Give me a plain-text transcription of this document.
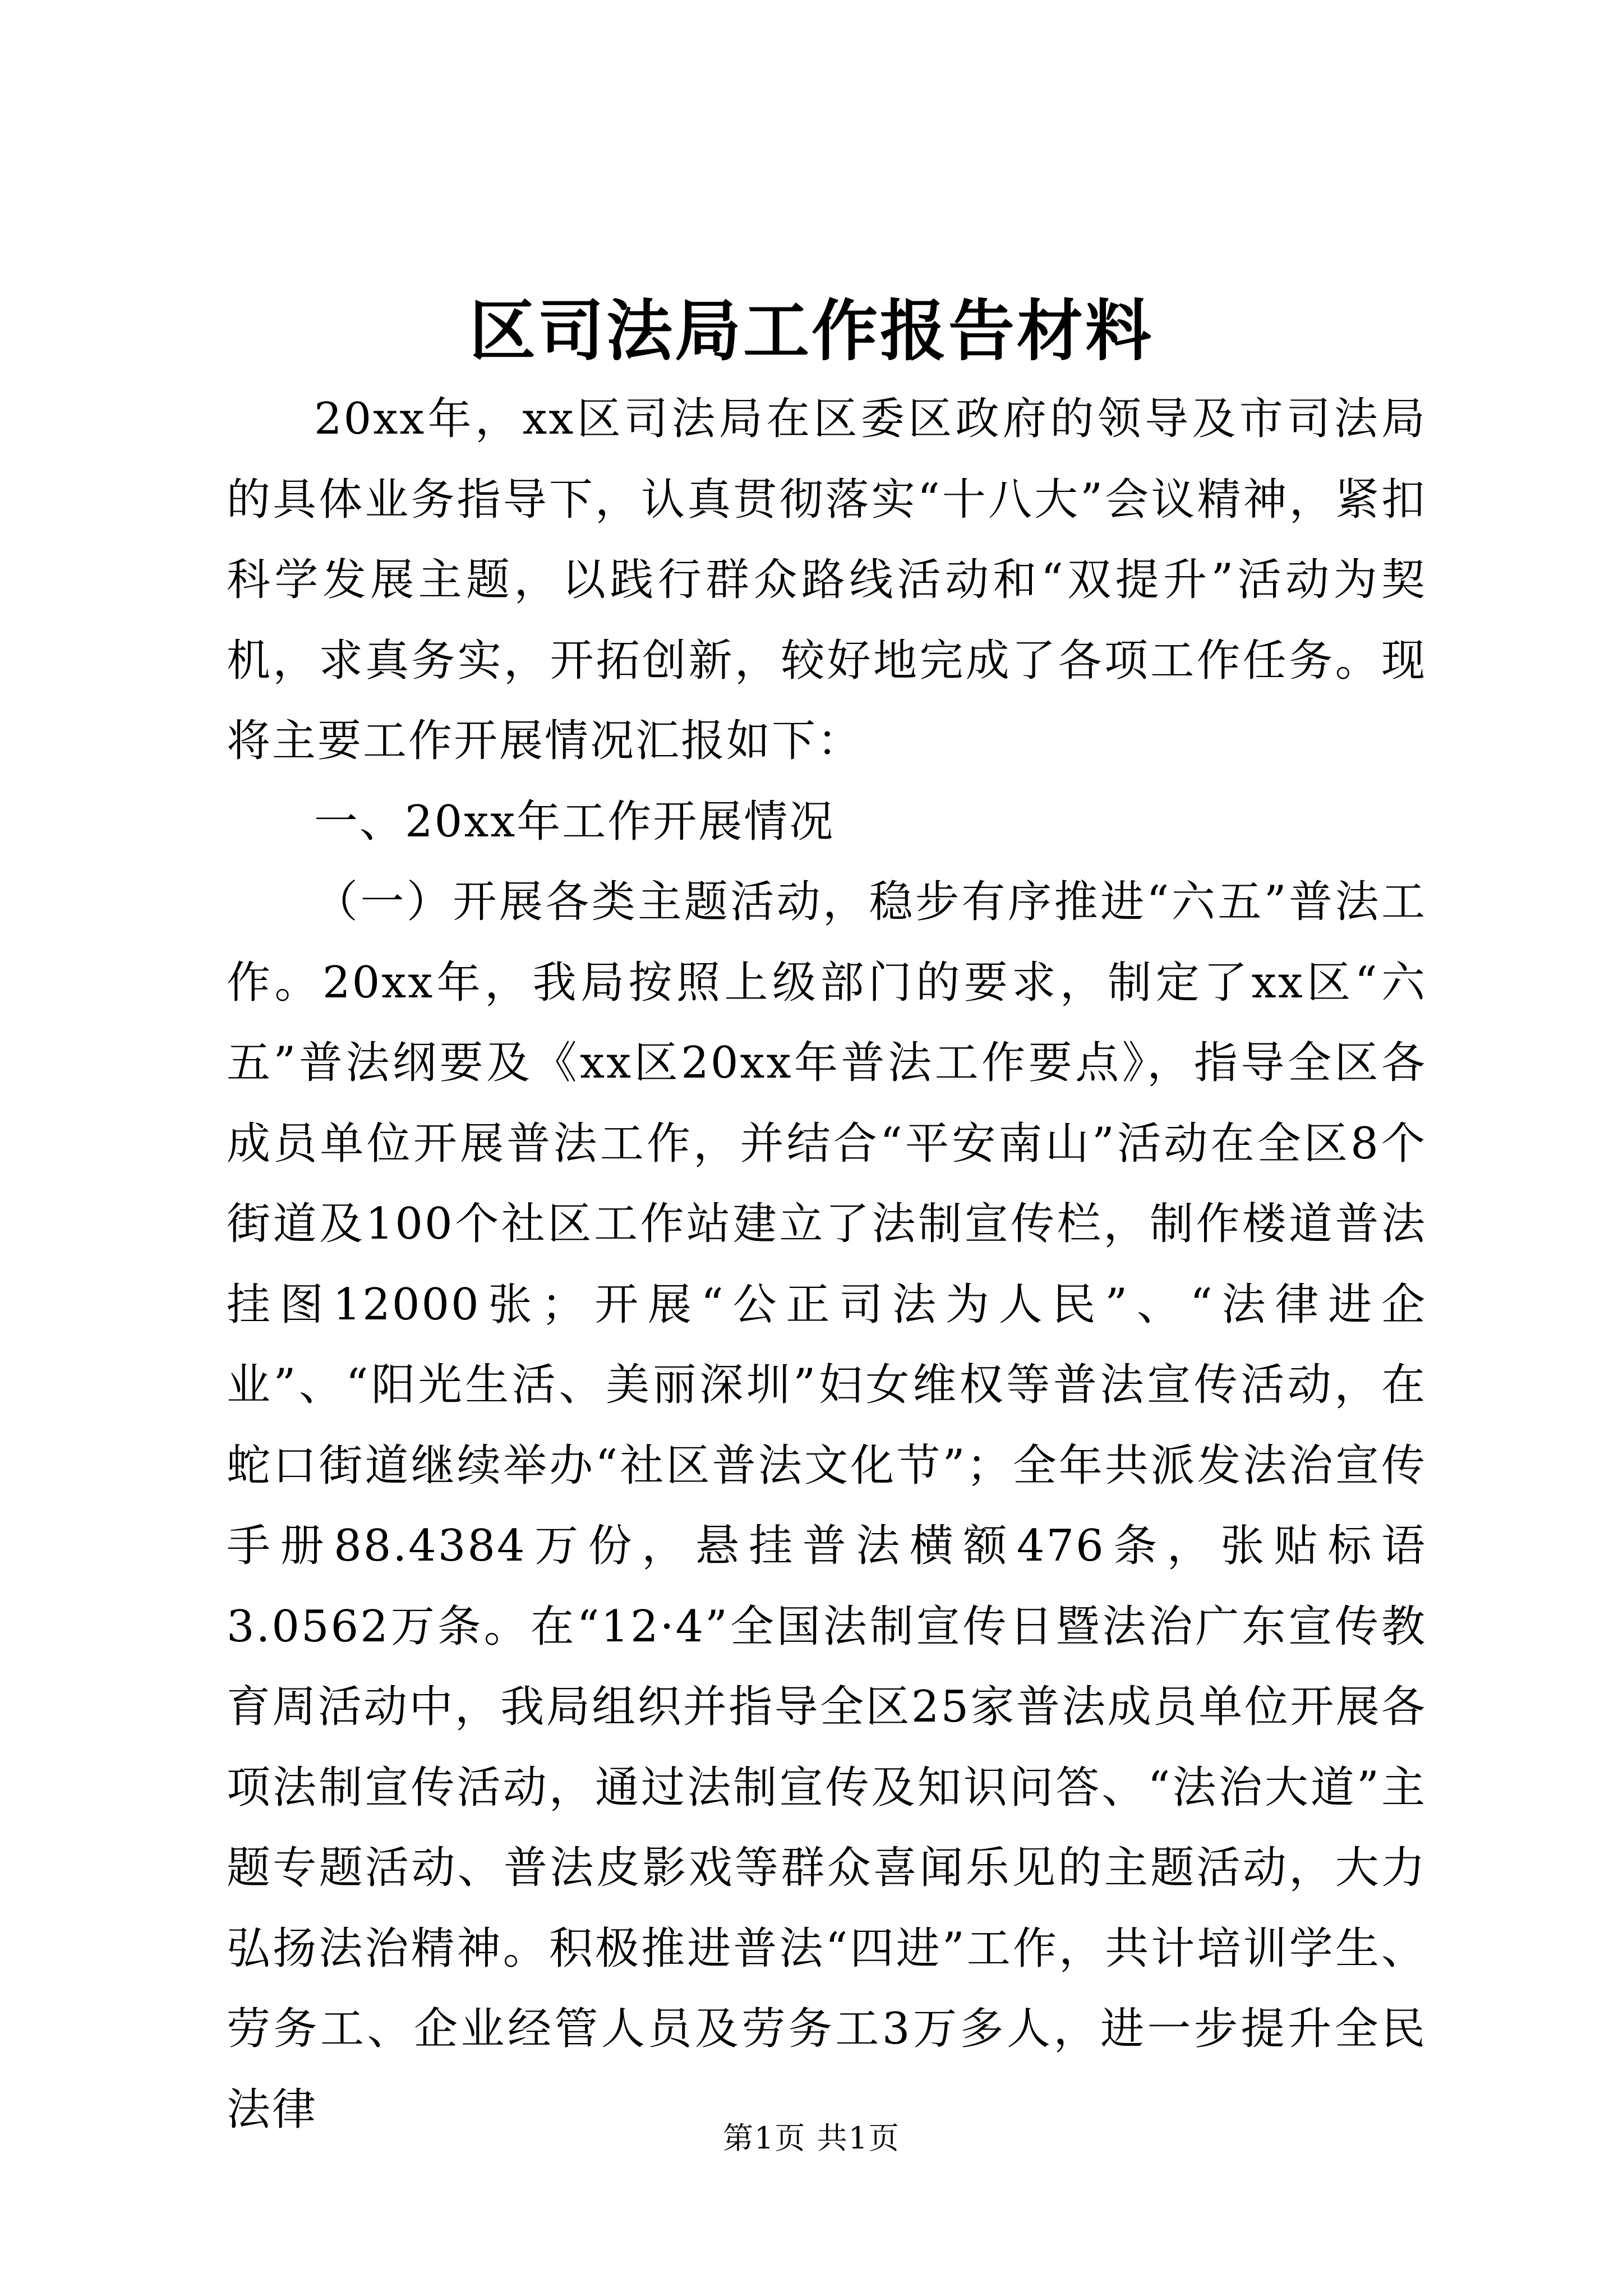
区司法局工作报告材料

20xx年，xx区司法局在区委区政府的领导及市司法局的具体业务指导下，认真贯彻落实“十八大”会议精神，紧扣科学发展主题，以践行群众路线活动和“双提升”活动为契机，求真务实，开拓创新，较好地完成了各项工作任务。现将主要工作开展情况汇报如下：

一、20xx年工作开展情况

（一）开展各类主题活动，稳步有序推进“六五”普法工作。20xx年，我局按照上级部门的要求，制定了xx区“六五”普法纲要及《xx区20xx年普法工作要点》，指导全区各成员单位开展普法工作，并结合“平安南山”活动在全区8个街道及100个社区工作站建立了法制宣传栏，制作楼道普法挂图12000张；开展“公正司法为人民”、“法律进企业”、“阳光生活、美丽深圳”妇女维权等普法宣传活动，在蛇口街道继续举办“社区普法文化节”；全年共派发法治宣传手册88.4384万份，悬挂普法横额476条，张贴标语3.0562万条。在“12·4”全国法制宣传日暨法治广东宣传教育周活动中，我局组织并指导全区25家普法成员单位开展各项法制宣传活动，通过法制宣传及知识问答、“法治大道”主题专题活动、普法皮影戏等群众喜闻乐见的主题活动，大力弘扬法治精神。积极推进普法“四进”工作，共计培训学生、劳务工、企业经管人员及劳务工3万多人，进一步提升全民法律

第1页 共1页
